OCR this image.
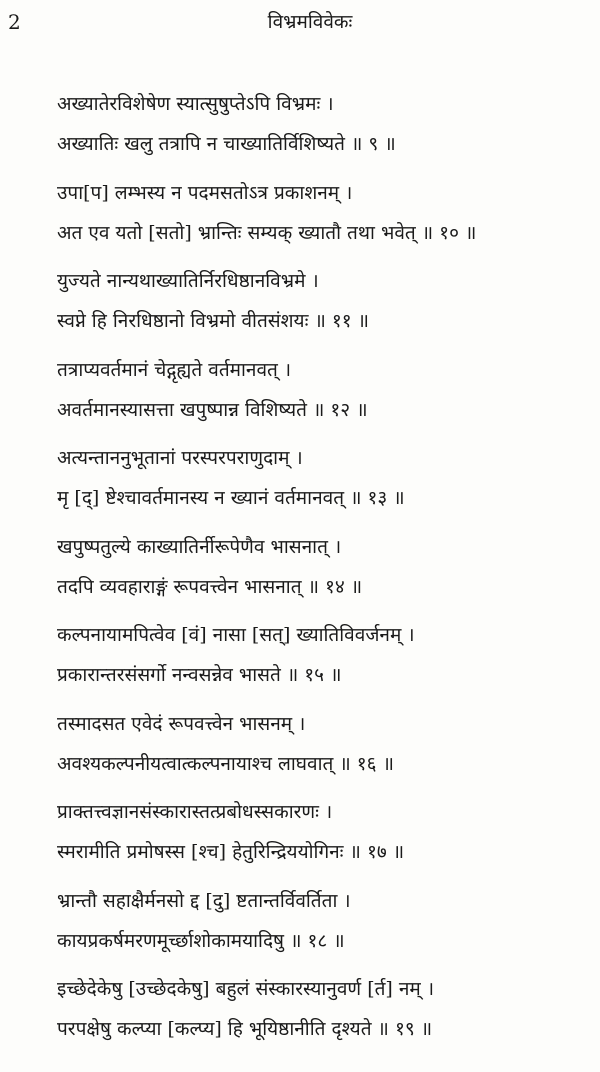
2	विभ्रमविवेकः
अख्यातेरविशेषेण स्यात्सुषुप्तेऽपि विभ्रमः ।
अख्यातिः खलु तत्रापि न चाख्यातिर्विशिष्यते ॥ ९ ॥
उपा[प] लम्भस्य न पदमसतोऽत्र प्रकाशनम् ।
अत एव यतो [सतो] भ्रान्तिः सम्यक् ख्यातौ तथा भवेत् ॥ १० ॥
युज्यते नान्यथाख्यातिर्निरधिष्ठानविभ्रमे ।
स्वप्ने हि निरधिष्ठानो विभ्रमो वीतसंशयः ॥ ११ ॥
तत्राप्यवर्तमानं चेद्गृह्यते वर्तमानवत् ।
अवर्तमानस्यासत्ता खपुष्पान्न विशिष्यते ॥ १२ ॥
अत्यन्ताननुभूतानां परस्परपराणुदाम् ।
मृ [द्] ष्टेश्चावर्तमानस्य न ख्यानं वर्तमानवत् ॥ १३ ॥
खपुष्पतुल्ये काख्यातिर्नीरूपेणैव भासनात् ।
तदपि व्यवहाराङ्गं रूपवत्त्वेन भासनात् ॥ १४ ॥
कल्पनायामपित्वेव [वं] नासा [सत्] ख्यातिविवर्जनम् ।
प्रकारान्तरसंसर्गो नन्वसन्नेव भासते ॥ १५ ॥
तस्मादसत एवेदं रूपवत्त्वेन भासनम् ।
अवश्यकल्पनीयत्वात्कल्पनायाश्च लाघवात् ॥ १६ ॥
प्राक्तत्त्वज्ञानसंस्कारास्तत्प्रबोधस्सकारणः ।
स्मरामीति प्रमोषस्स [श्च] हेतुरिन्द्रिययोगिनः ॥ १७ ॥
भ्रान्तौ सहाक्षैर्मनसो द्द [दु] ष्टतान्तर्विवर्तिता ।
कायप्रकर्षमरणमूर्च्छाशोकामयादिषु ॥ १८ ॥
इच्छेदेकेषु [उच्छेदकेषु] बहुलं संस्कारस्यानुवर्ण [र्त] नम् ।
परपक्षेषु कल्प्या [कल्प्य] हि भूयिष्ठानीति दृश्यते ॥ १९ ॥
